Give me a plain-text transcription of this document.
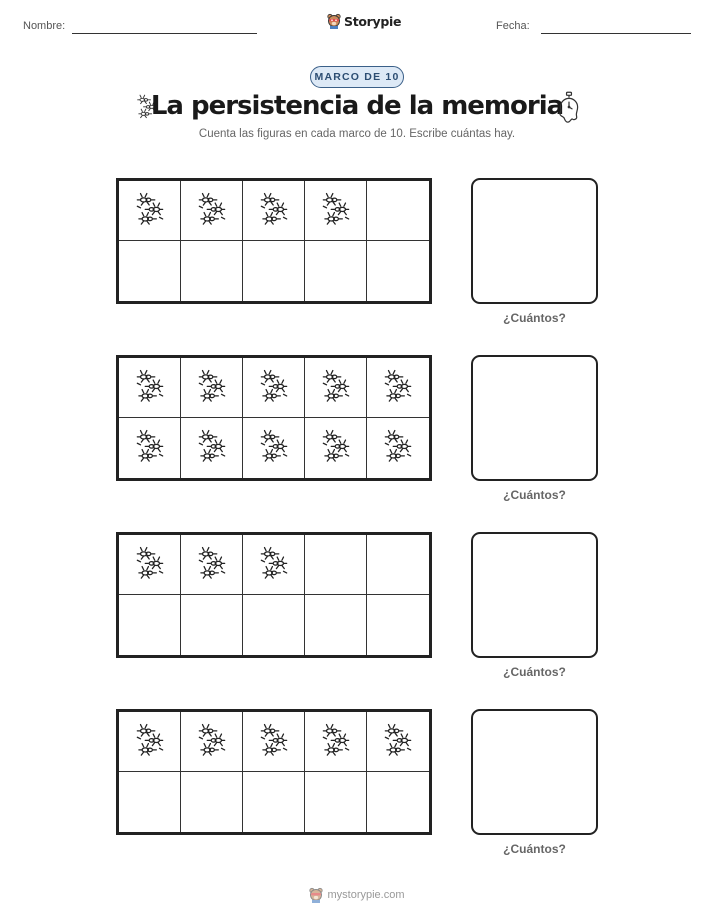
Nombre:	Storypie	Fecha:
MARCO DE 10
La persistencia de la memoria
Cuenta las figuras en cada marco de 10. Escribe cuántas hay.
¿Cuántos?
¿Cuántos?
¿Cuántos?
¿Cuántos?
mystorypie.com
